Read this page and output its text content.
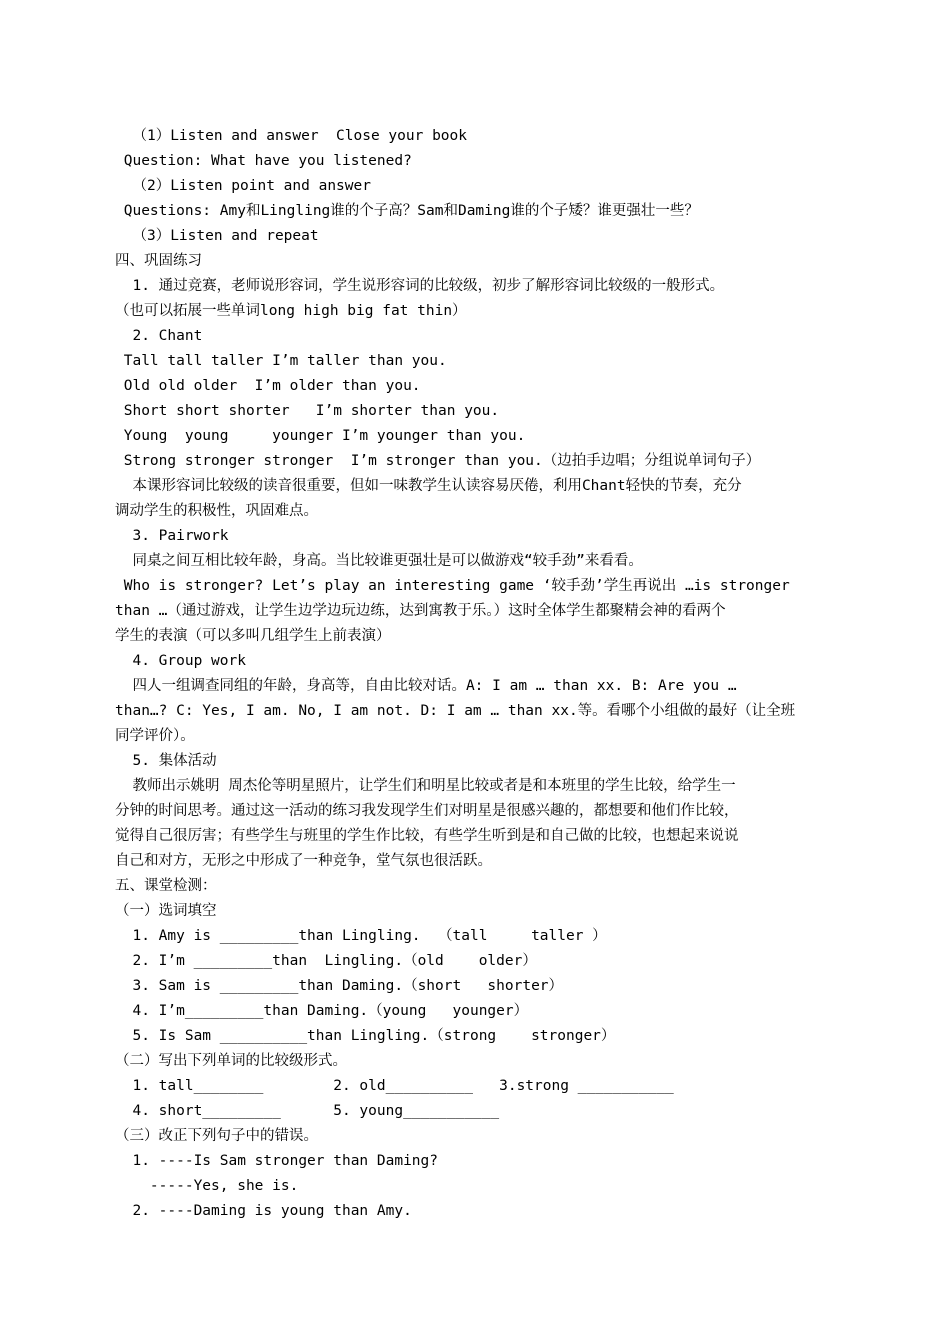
（1）Listen and answer  Close your book
Question: What have you listened?
（2）Listen point and answer
Questions: Amy和Lingling谁的个子高？Sam和Daming谁的个子矮？谁更强壮一些？
（3）Listen and repeat
四、巩固练习
1. 通过竞赛，老师说形容词，学生说形容词的比较级，初步了解形容词比较级的一般形式。
（也可以拓展一些单词long high big fat thin）
2. Chant
Tall tall taller I’m taller than you.
Old old older  I’m older than you.
Short short shorter   I’m shorter than you.
Young  young     younger I’m younger than you.
Strong stronger stronger  I’m stronger than you.（边拍手边唱；分组说单词句子）
本课形容词比较级的读音很重要，但如一味教学生认读容易厌倦，利用Chant轻快的节奏，充分
调动学生的积极性，巩固难点。
3. Pairwork
同桌之间互相比较年龄，身高。当比较谁更强壮是可以做游戏“较手劲”来看看。
Who is stronger? Let’s play an interesting game ‘较手劲’学生再说出 …is stronger
than …（通过游戏，让学生边学边玩边练，达到寓教于乐。）这时全体学生都聚精会神的看两个
学生的表演（可以多叫几组学生上前表演）
4. Group work
四人一组调查同组的年龄，身高等，自由比较对话。A: I am … than xx. B: Are you …
than…? C: Yes, I am. No, I am not. D: I am … than xx.等。看哪个小组做的最好（让全班
同学评价）。
5. 集体活动
教师出示姚明 周杰伦等明星照片，让学生们和明星比较或者是和本班里的学生比较，给学生一
分钟的时间思考。通过这一活动的练习我发现学生们对明星是很感兴趣的，都想要和他们作比较，
觉得自己很厉害；有些学生与班里的学生作比较，有些学生听到是和自己做的比较，也想起来说说
自己和对方，无形之中形成了一种竞争，堂气氛也很活跃。
五、课堂检测：
（一）选词填空
1. Amy is _________than Lingling.  （tall     taller ）
2. I’m _________than  Lingling.（old    older）
3. Sam is _________than Daming.（short   shorter）
4. I’m_________than Daming.（young   younger）
5. Is Sam __________than Lingling.（strong    stronger）
（二）写出下列单词的比较级形式。
1. tall________        2. old__________   3.strong ___________
4. short_________      5. young___________
（三）改正下列句子中的错误。
1. ----Is Sam stronger than Daming?
-----Yes, she is.
2. ----Daming is young than Amy.
